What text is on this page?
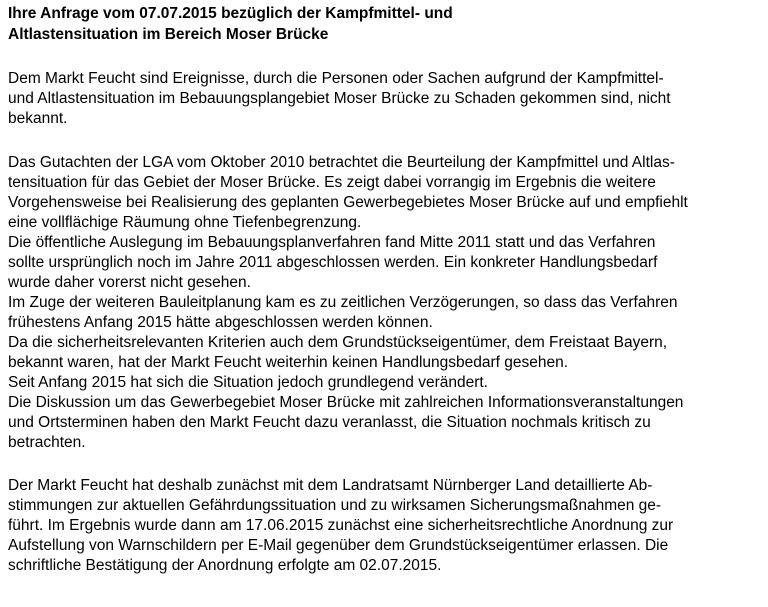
Ihre Anfrage vom 07.07.2015 bezüglich der Kampfmittel- und
Altlastensituation im Bereich Moser Brücke
Dem Markt Feucht sind Ereignisse, durch die Personen oder Sachen aufgrund der Kampfmittel-
und Altlastensituation im Bebauungsplangebiet Moser Brücke zu Schaden gekommen sind, nicht
bekannt.
Das Gutachten der LGA vom Oktober 2010 betrachtet die Beurteilung der Kampfmittel und Altlas-
tensituation für das Gebiet der Moser Brücke. Es zeigt dabei vorrangig im Ergebnis die weitere
Vorgehensweise bei Realisierung des geplanten Gewerbegebietes Moser Brücke auf und empfiehlt
eine vollflächige Räumung ohne Tiefenbegrenzung.
Die öffentliche Auslegung im Bebauungsplanverfahren fand Mitte 2011 statt und das Verfahren
sollte ursprünglich noch im Jahre 2011 abgeschlossen werden. Ein konkreter Handlungsbedarf
wurde daher vorerst nicht gesehen.
Im Zuge der weiteren Bauleitplanung kam es zu zeitlichen Verzögerungen, so dass das Verfahren
frühestens Anfang 2015 hätte abgeschlossen werden können.
Da die sicherheitsrelevanten Kriterien auch dem Grundstückseigentümer, dem Freistaat Bayern,
bekannt waren, hat der Markt Feucht weiterhin keinen Handlungsbedarf gesehen.
Seit Anfang 2015 hat sich die Situation jedoch grundlegend verändert.
Die Diskussion um das Gewerbegebiet Moser Brücke mit zahlreichen Informationsveranstaltungen
und Ortsterminen haben den Markt Feucht dazu veranlasst, die Situation nochmals kritisch zu
betrachten.
Der Markt Feucht hat deshalb zunächst mit dem Landratsamt Nürnberger Land detaillierte Ab-
stimmungen zur aktuellen Gefährdungssituation und zu wirksamen Sicherungsmaßnahmen ge-
führt. Im Ergebnis wurde dann am 17.06.2015 zunächst eine sicherheitsrechtliche Anordnung zur
Aufstellung von Warnschildern per E-Mail gegenüber dem Grundstückseigentümer erlassen. Die
schriftliche Bestätigung der Anordnung erfolgte am 02.07.2015.
